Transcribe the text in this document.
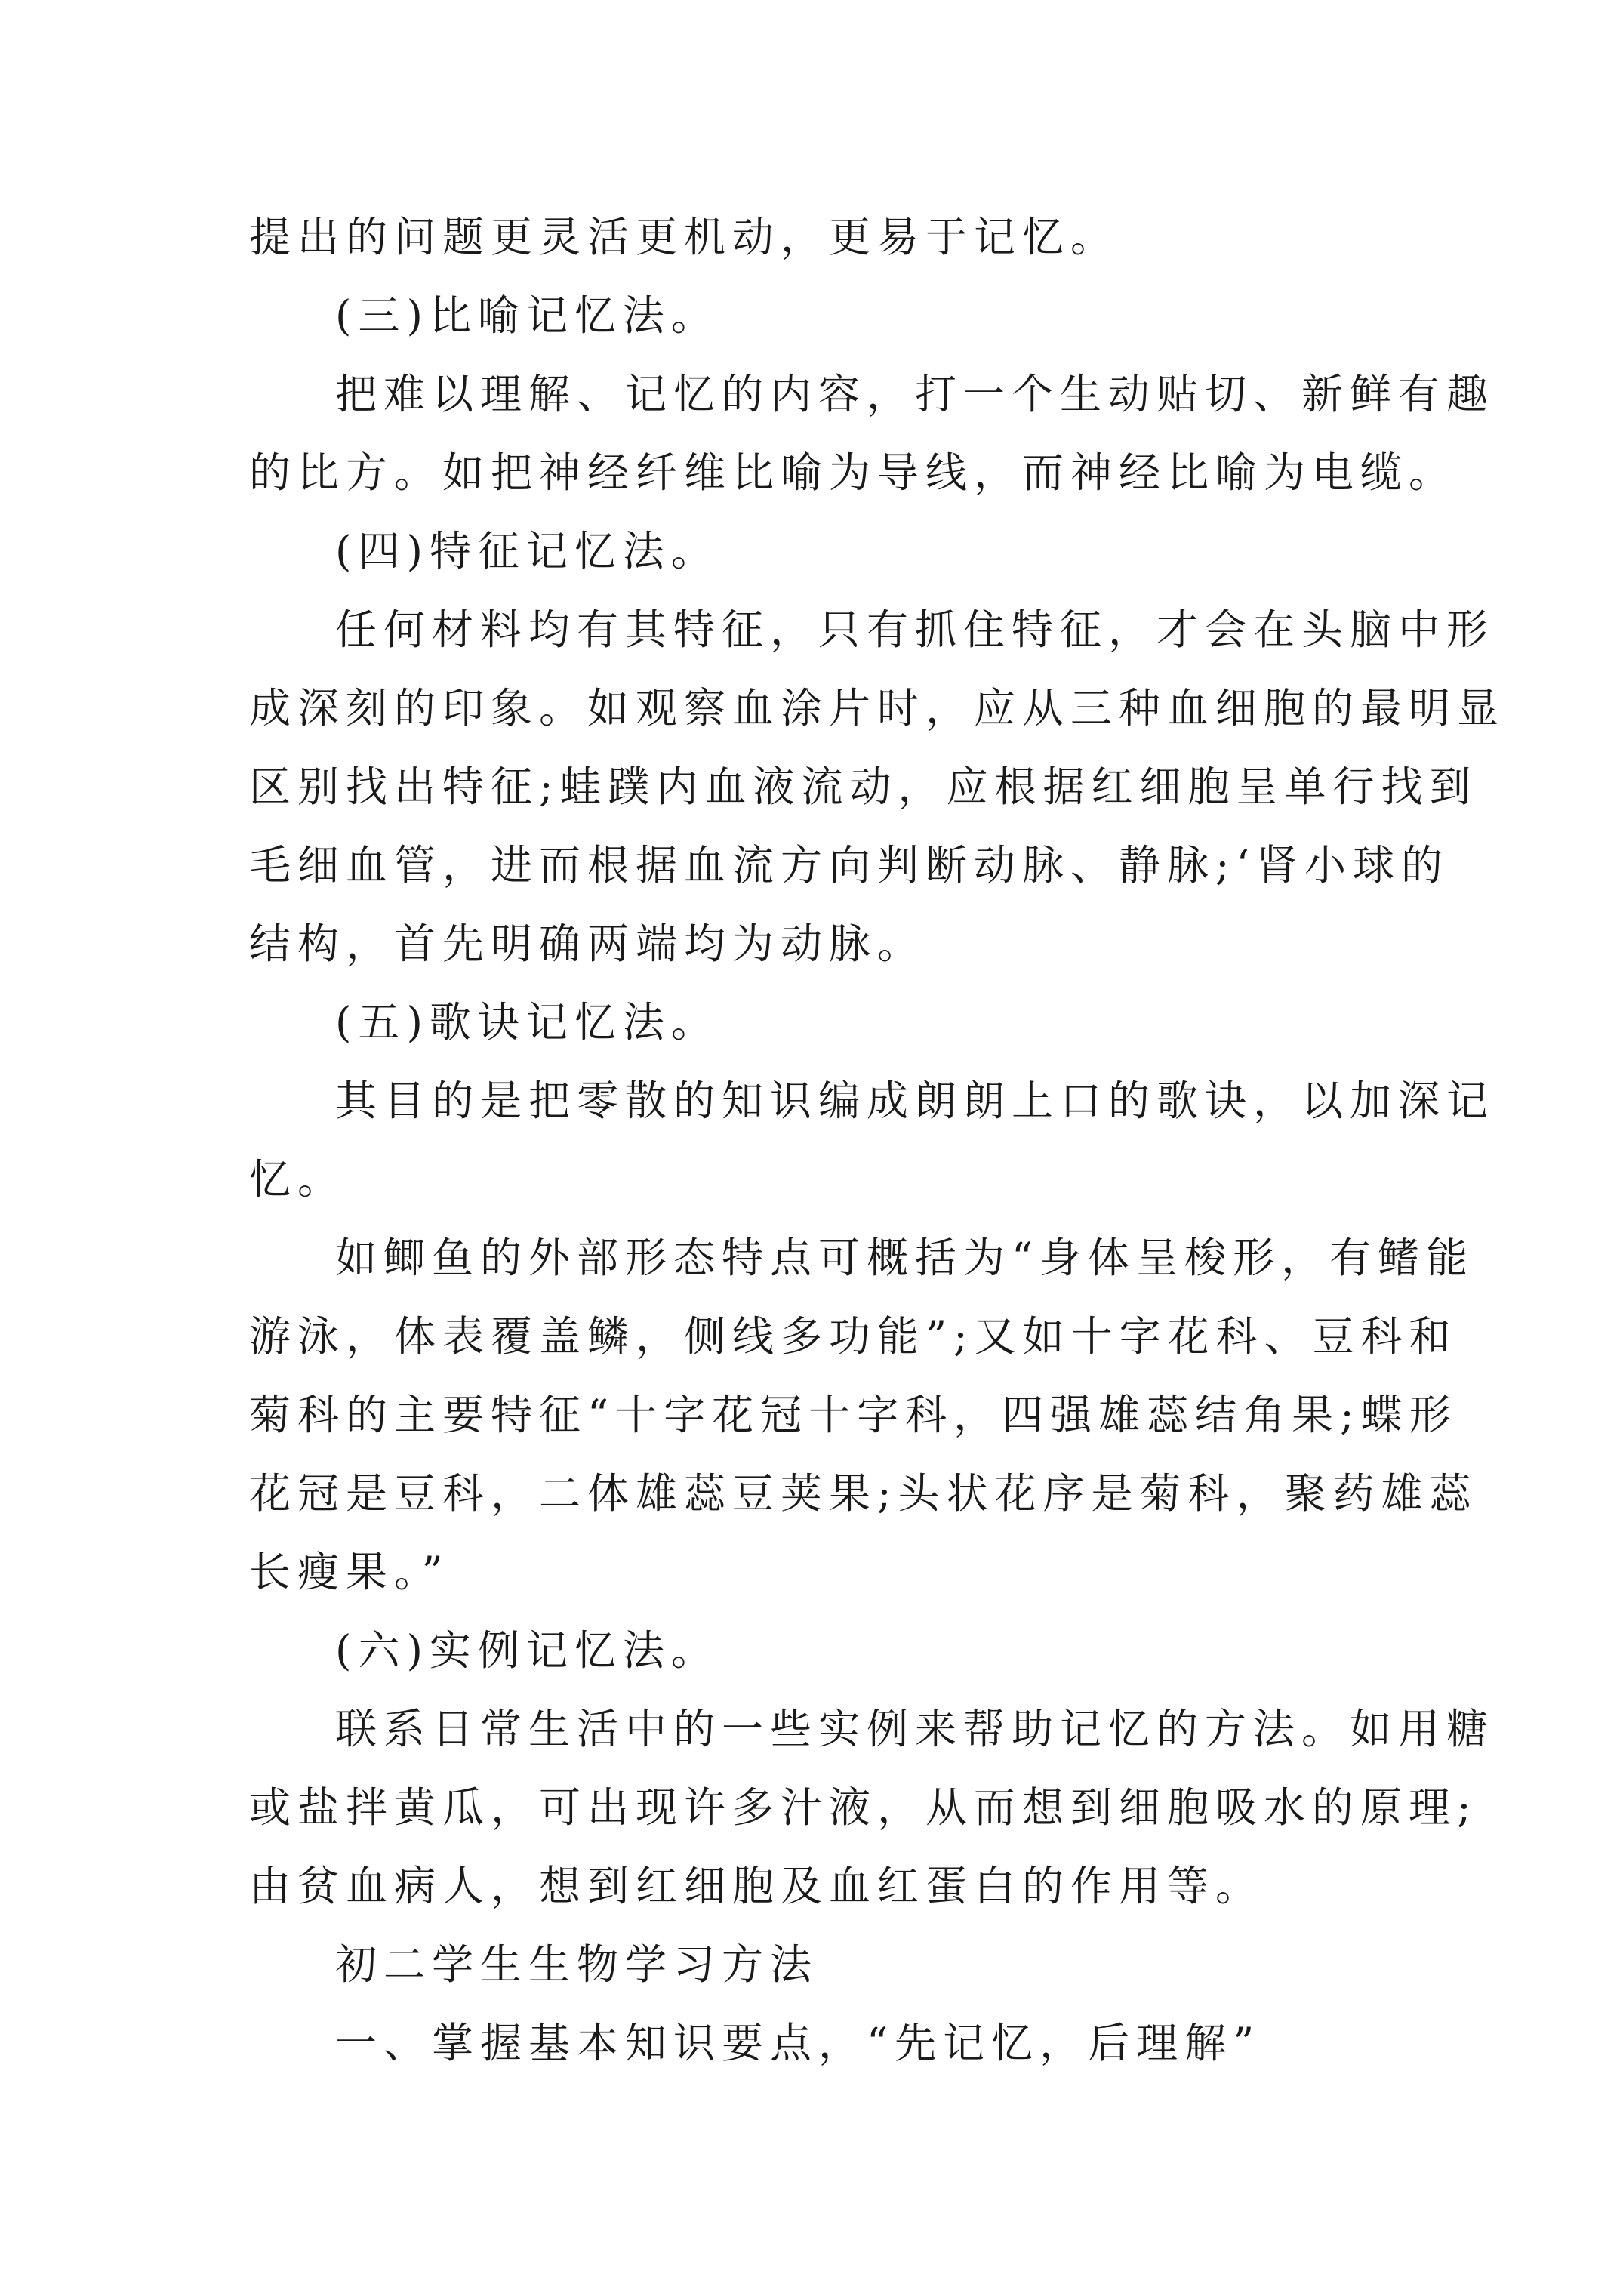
提出的问题更灵活更机动，更易于记忆。
(三)比喻记忆法。
把难以理解、记忆的内容，打一个生动贴切、新鲜有趣
的比方。如把神经纤维比喻为导线，而神经比喻为电缆。
(四)特征记忆法。
任何材料均有其特征，只有抓住特征，才会在头脑中形
成深刻的印象。如观察血涂片时，应从三种血细胞的最明显
区别找出特征;蛙蹼内血液流动，应根据红细胞呈单行找到
毛细血管，进而根据血流方向判断动脉、静脉;‘肾小球的
结构，首先明确两端均为动脉。
(五)歌诀记忆法。
其目的是把零散的知识编成朗朗上口的歌诀，以加深记
忆。
如鲫鱼的外部形态特点可概括为“身体呈梭形，有鳍能
游泳，体表覆盖鳞，侧线多功能”;又如十字花科、豆科和
菊科的主要特征“十字花冠十字科，四强雄蕊结角果;蝶形
花冠是豆科，二体雄蕊豆荚果;头状花序是菊科，聚药雄蕊
长瘦果。”
(六)实例记忆法。
联系日常生活中的一些实例来帮助记忆的方法。如用糖
或盐拌黄瓜，可出现许多汁液，从而想到细胞吸水的原理;
由贫血病人，想到红细胞及血红蛋白的作用等。
初二学生生物学习方法
一、掌握基本知识要点，“先记忆，后理解”
